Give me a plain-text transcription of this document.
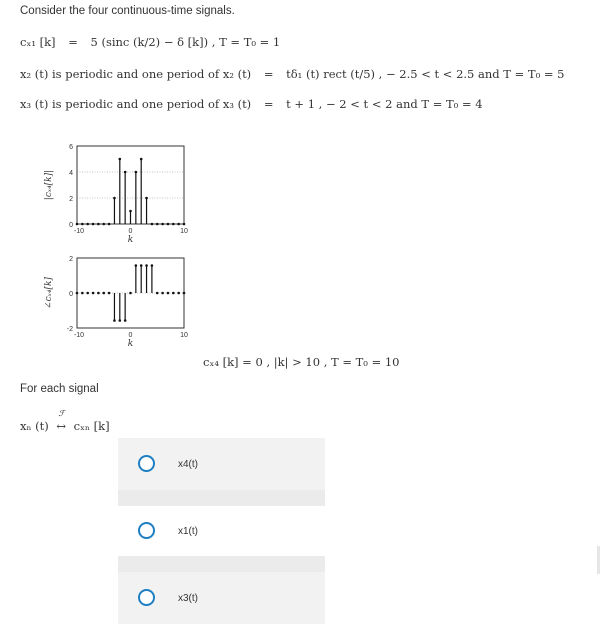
Consider the four continuous-time signals.
cₓ₁ [k] = 5 (sinc (k/2) − δ [k]) , T = T₀ = 1
x₂ (t) is periodic and one period of x₂ (t) = tδ₁ (t) rect (t/5) , − 2.5 < t < 2.5 and T = T₀ = 5
x₃ (t) is periodic and one period of x₃ (t) = t + 1 , − 2 < t < 2 and T = T₀ = 4
0
2
4
6
-10	0	10
k
|cₓ₄[k]|
-2
0
2
-10	0	10
k
∠cₓ₄[k]
cₓ₄ [k] = 0 , |k| > 10 , T = T₀ = 10
For each signal
xₙ (t)
ℱ
↔ cₓₙ [k]
x4(t)
x1(t)
x3(t)
